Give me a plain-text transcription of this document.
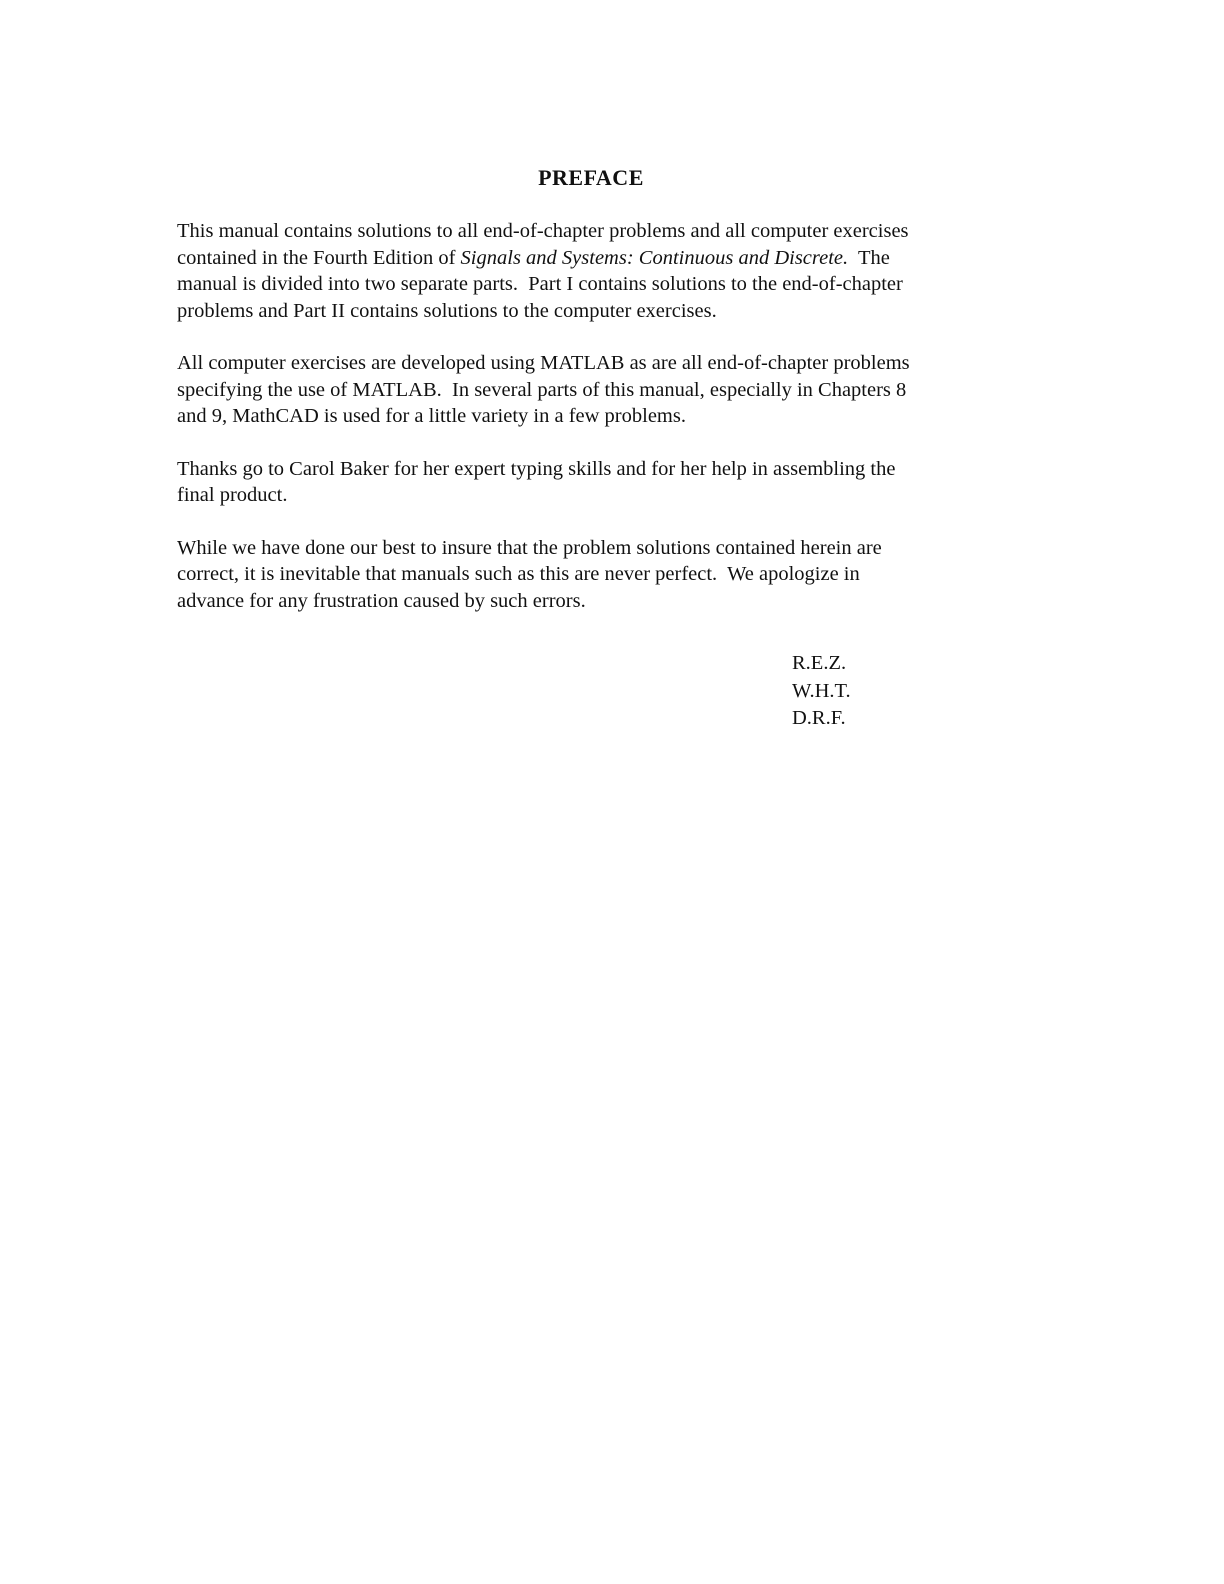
PREFACE

This manual contains solutions to all end-of-chapter problems and all computer exercises
contained in the Fourth Edition of Signals and Systems: Continuous and Discrete.  The
manual is divided into two separate parts.  Part I contains solutions to the end-of-chapter
problems and Part II contains solutions to the computer exercises.

All computer exercises are developed using MATLAB as are all end-of-chapter problems
specifying the use of MATLAB.  In several parts of this manual, especially in Chapters 8
and 9, MathCAD is used for a little variety in a few problems.

Thanks go to Carol Baker for her expert typing skills and for her help in assembling the
final product.

While we have done our best to insure that the problem solutions contained herein are
correct, it is inevitable that manuals such as this are never perfect.  We apologize in
advance for any frustration caused by such errors.

R.E.Z.
W.H.T.
D.R.F.
